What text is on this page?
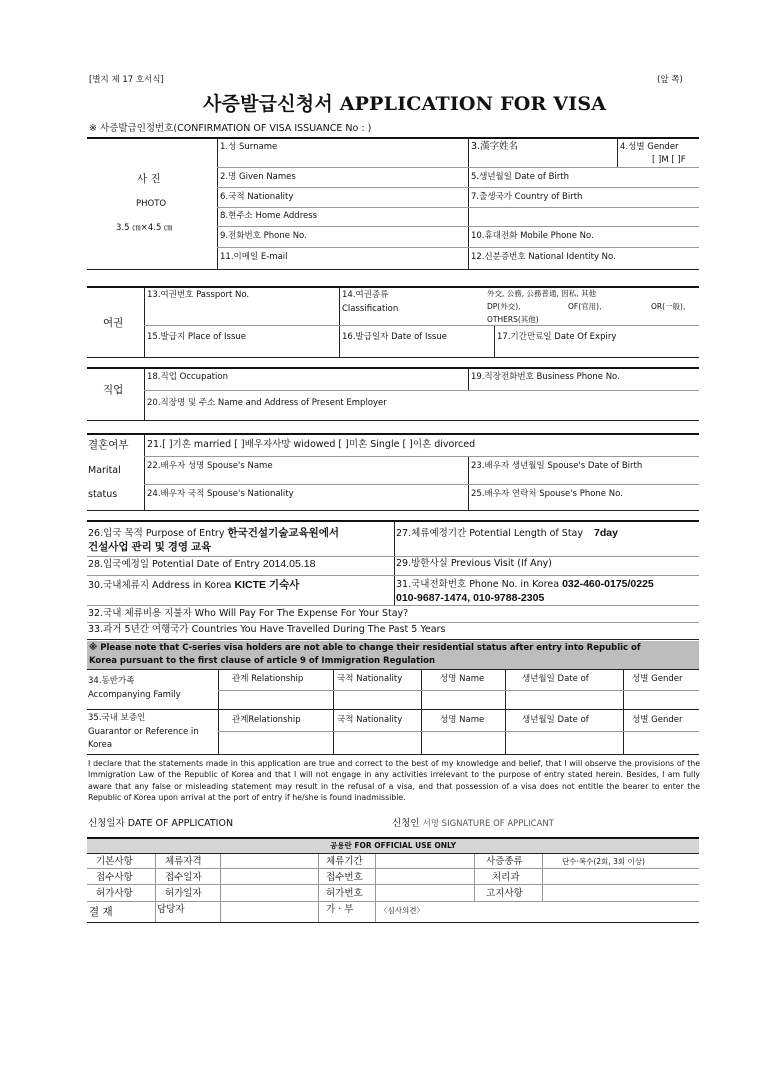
[별지 제 17 호서식]	(앞 쪽)
사증발급신청서 APPLICATION FOR VISA
※ 사증발급인정번호(CONFIRMATION OF VISA ISSUANCE No : )
사 진
PHOTO
3.5 ㎝×4.5 ㎝
1.성 Surname	3.漢字姓名	4.성별 Gender
[ ]M [ ]F
2.명 Given Names	5.생년월일 Date of Birth
6.국적 Nationality	7.출생국가 Country of Birth
8.현주소 Home Address
9.전화번호 Phone No.	10.휴대전화 Mobile Phone No.
11.이메일 E-mail	12.신분증번호 National Identity No.
여권
13.여권번호 Passport No.	14.여권종류
Classification
外交, 公務, 公務普通, 因私, 其他
DP(外交),	OF(官用),	OR(一般),
OTHERS(其他)
15.발급지 Place of Issue	16.발급일자 Date of Issue	17.기간만료일 Date Of Expiry
직업
18.직업 Occupation	19.직장전화번호 Business Phone No.
20.직장명 및 주소 Name and Address of Present Employer
결혼여부
Marital
status
21.[ ]기혼 married [ ]배우자사망 widowed [ ]미혼 Single [ ]이혼 divorced
22.배우자 성명 Spouse's Name	23.배우자 생년월일 Spouse's Date of Birth
24.배우자 국적 Spouse's Nationality	25.배우자 연락처 Spouse's Phone No.
26.입국 목적 Purpose of Entry 한국건설기술교육원에서
건설사업 관리 및 경영 교육
27.체류예정기간 Potential Length of Stay 7day
28.입국예정일 Potential Date of Entry 2014.05.18	29.방한사실 Previous Visit (If Any)
30.국내체류지 Address in Korea KICTE 기숙사	31.국내전화번호 Phone No. in Korea 032-460-0175/0225
010-9687-1474, 010-9788-2305
32.국내 체류비용 지불자 Who Will Pay For The Expense For Your Stay?
33.과거 5년간 여행국가 Countries You Have Travelled During The Past 5 Years
※ Please note that C-series visa holders are not able to change their residential status after entry into Republic of
Korea pursuant to the first clause of article 9 of Immigration Regulation
34.동반가족
Accompanying Family
관계 Relationship	국적 Nationality	성명 Name	생년월일 Date of	성별 Gender
35.국내 보증인
Guarantor or Reference in
Korea
관계Relationship	국적 Nationality	성명 Name	생년월일 Date of	성별 Gender
I declare that the statements made in this application are true and correct to the best of my knowledge and belief, that I will observe the provisions of the Immigration Law of the Republic of Korea and that I will not engage in any activities irrelevant to the purpose of entry stated herein. Besides, I am fully aware that any false or misleading statement may result in the refusal of a visa, and that possession of a visa does not entitle the bearer to enter the Republic of Korea upon arrival at the port of entry if he/she is found inadmissible.
신청일자 DATE OF APPLICATION	신청인 서명 SIGNATURE OF APPLICANT
공용란 FOR OFFICIAL USE ONLY
기본사항	체류자격	체류기간	사증종류	단수·복수(2회, 3회 이상)
접수사항	접수일자	접수번호	처리과
허가사항	허가일자	허가번호	고지사항
결 재	담당자	가 · 부	〈심사의견〉
